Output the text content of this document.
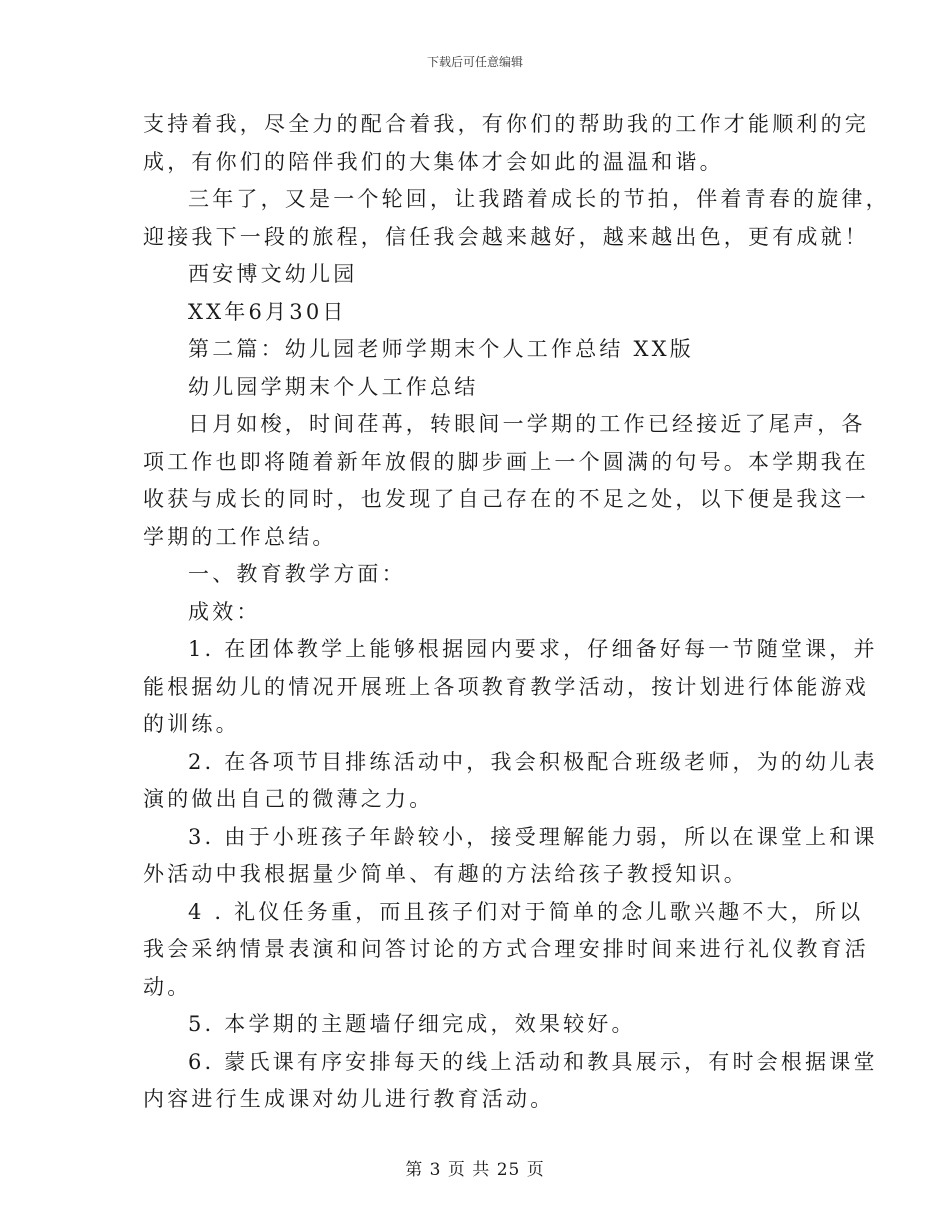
下载后可任意编辑
支持着我，尽全力的配合着我，有你们的帮助我的工作才能顺利的完
成，有你们的陪伴我们的大集体才会如此的温温和谐。
三年了，又是一个轮回，让我踏着成长的节拍，伴着青春的旋律，
迎接我下一段的旅程，信任我会越来越好，越来越出色，更有成就！
西安博文幼儿园
XX年6月30日
第二篇：幼儿园老师学期末个人工作总结 XX版
幼儿园学期末个人工作总结
日月如梭，时间荏苒，转眼间一学期的工作已经接近了尾声，各
项工作也即将随着新年放假的脚步画上一个圆满的句号。本学期我在
收获与成长的同时，也发现了自己存在的不足之处，以下便是我这一
学期的工作总结。
一、教育教学方面：
成效：
1. 在团体教学上能够根据园内要求，仔细备好每一节随堂课，并
能根据幼儿的情况开展班上各项教育教学活动，按计划进行体能游戏
的训练。
2. 在各项节目排练活动中，我会积极配合班级老师，为的幼儿表
演的做出自己的微薄之力。
3. 由于小班孩子年龄较小，接受理解能力弱，所以在课堂上和课
外活动中我根据量少简单、有趣的方法给孩子教授知识。
4 . 礼仪任务重，而且孩子们对于简单的念儿歌兴趣不大，所以
我会采纳情景表演和问答讨论的方式合理安排时间来进行礼仪教育活
动。
5. 本学期的主题墙仔细完成，效果较好。
6. 蒙氏课有序安排每天的线上活动和教具展示，有时会根据课堂
内容进行生成课对幼儿进行教育活动。
第 3 页 共 25 页
